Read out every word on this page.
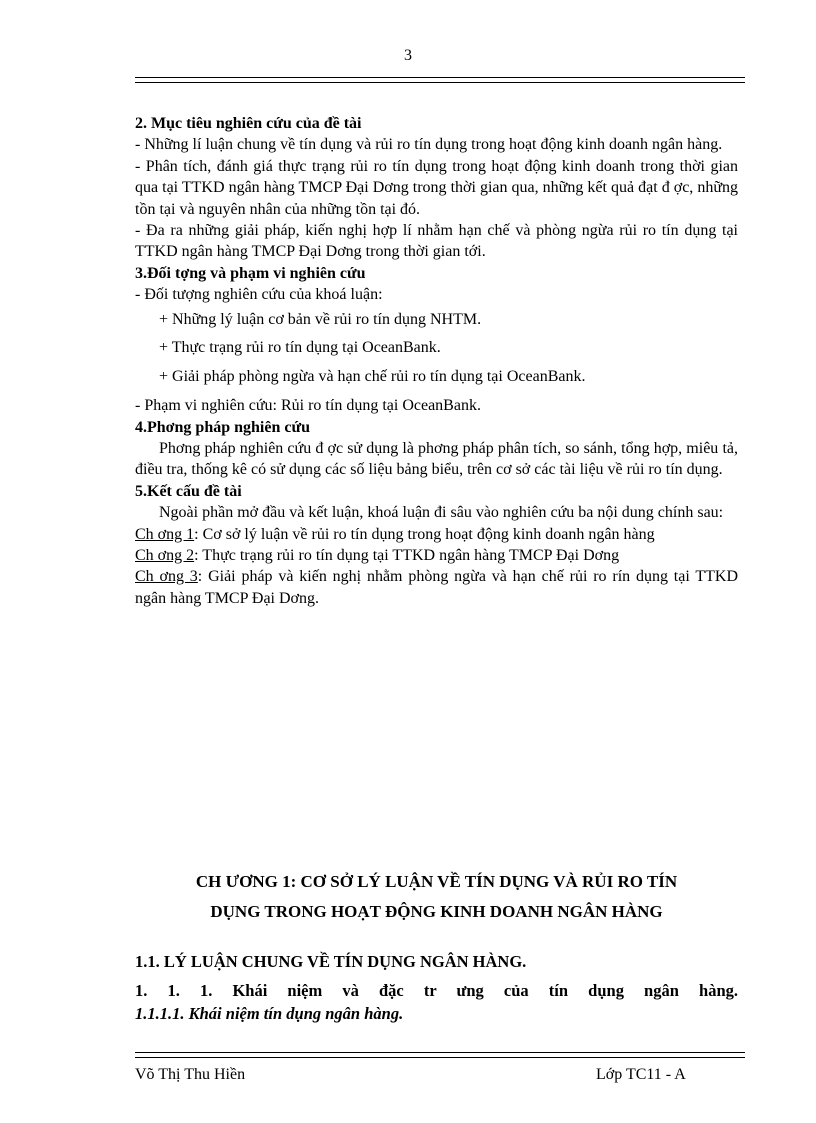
3

2. Mục tiêu nghiên cứu của đề tài

- Những lí luận chung về tín dụng và rủi ro tín dụng trong hoạt động kinh doanh ngân hàng.

- Phân tích, đánh giá thực trạng rủi ro tín dụng trong hoạt động kinh doanh trong thời gian qua tại TTKD ngân hàng TMCP Đại Dơng trong thời gian qua, những kết quả đạt đ ợc, những tồn tại và nguyên nhân của những tồn tại đó.

- Đa ra những giải pháp, kiến nghị hợp lí nhằm hạn chế và phòng ngừa rủi ro tín dụng tại TTKD ngân hàng TMCP Đại Dơng trong thời gian tới.

3.Đối tợng và phạm vi nghiên cứu

- Đối tượng nghiên cứu của khoá luận:

+ Những lý luận cơ bản về rủi ro tín dụng NHTM.

+ Thực trạng rủi ro tín dụng tại OceanBank.

+ Giải pháp phòng ngừa và hạn chế rủi ro tín dụng tại OceanBank.

- Phạm vi nghiên cứu: Rủi ro tín dụng tại OceanBank.

4.Phơng pháp nghiên cứu

Phơng pháp nghiên cứu đ ợc sử dụng là phơng pháp phân tích, so sánh, tổng hợp, miêu tả, điều tra, thống kê có sử dụng các số liệu bảng biểu, trên cơ sở các tài liệu về rủi ro tín dụng.

5.Kết cấu đề tài

Ngoài phần mở đầu và kết luận, khoá luận đi sâu vào nghiên cứu ba nội dung chính sau:

Ch ơng 1: Cơ sở lý luận về rủi ro tín dụng trong hoạt động kinh doanh ngân hàng

Ch ơng 2: Thực trạng rủi ro tín dụng tại TTKD ngân hàng TMCP Đại Dơng

Ch ơng 3: Giải pháp và kiến nghị nhằm phòng ngừa và hạn chế rủi ro rín dụng tại TTKD ngân hàng TMCP Đại Dơng.

CH ƯƠNG 1: CƠ SỞ LÝ LUẬN VỀ TÍN DỤNG VÀ RỦI RO TÍN
DỤNG TRONG HOẠT ĐỘNG KINH DOANH NGÂN HÀNG
1.1. LÝ LUẬN CHUNG VỀ TÍN DỤNG NGÂN HÀNG.
1. 1. 1. Khái niệm và đặc tr ưng của tín dụng ngân hàng.
1.1.1.1. Khái niệm tín dụng ngân hàng.
Võ Thị Thu Hiền	Lớp TC11 - A
